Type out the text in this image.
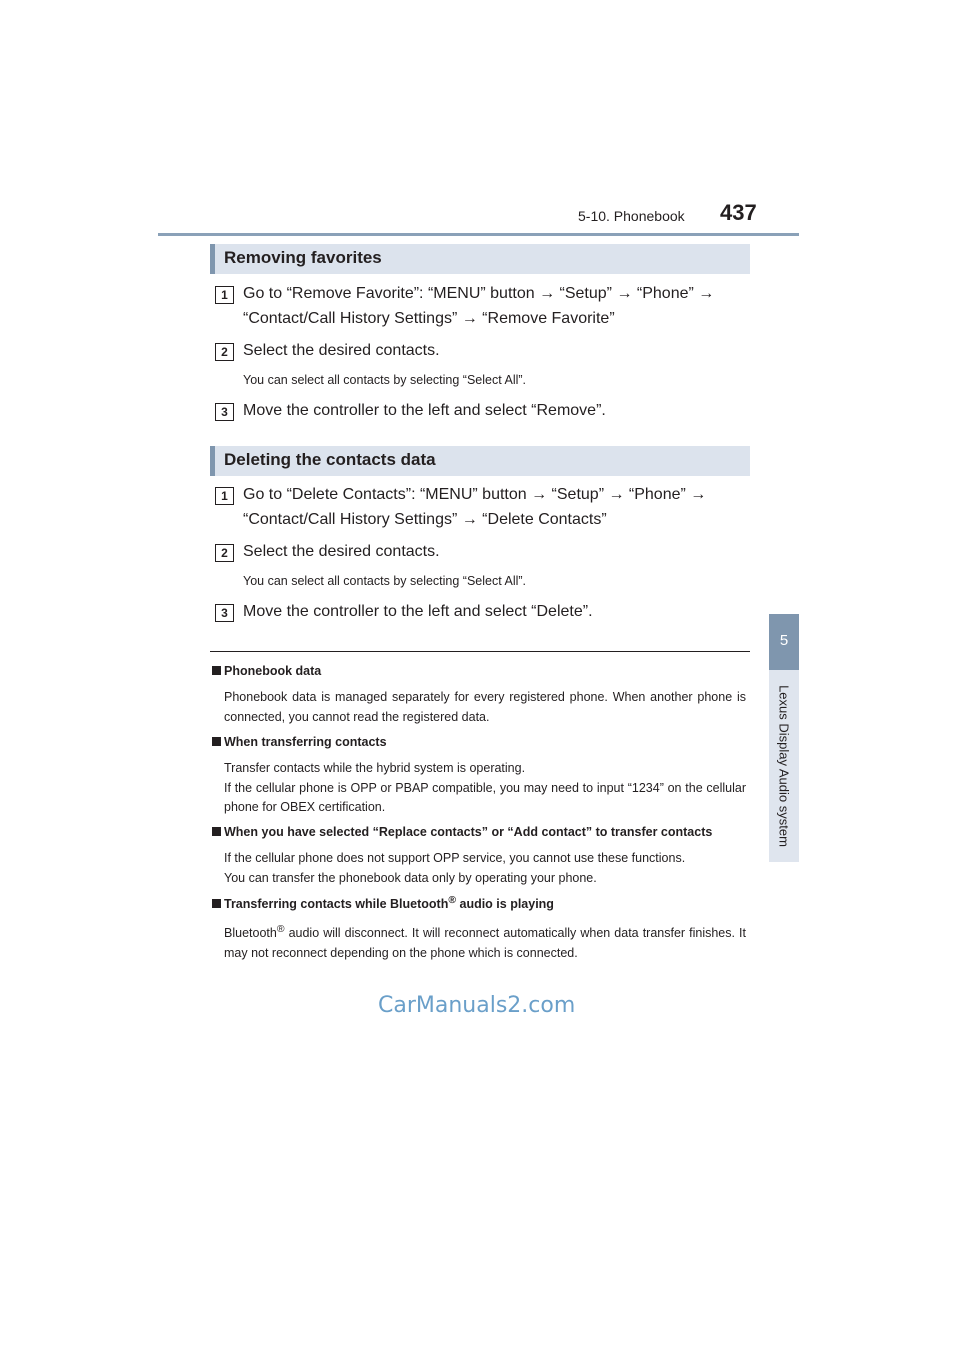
5-10. Phonebook 437
5
Lexus Display Audio system
Removing favorites
1 Go to “Remove Favorite”: “MENU” button → “Setup” → “Phone” →
“Contact/Call History Settings” → “Remove Favorite”
2 Select the desired contacts.
You can select all contacts by selecting “Select All”.
3 Move the controller to the left and select “Remove”.
Deleting the contacts data
1 Go to “Delete Contacts”: “MENU” button → “Setup” → “Phone” →
“Contact/Call History Settings” → “Delete Contacts”
2 Select the desired contacts.
You can select all contacts by selecting “Select All”.
3 Move the controller to the left and select “Delete”.
Phonebook data
Phonebook data is managed separately for every registered phone. When another phone is connected, you cannot read the registered data.
When transferring contacts
Transfer contacts while the hybrid system is operating.
If the cellular phone is OPP or PBAP compatible, you may need to input “1234” on the cellular phone for OBEX certification.
When you have selected “Replace contacts” or “Add contact” to transfer contacts
If the cellular phone does not support OPP service, you cannot use these functions.
You can transfer the phonebook data only by operating your phone.
Transferring contacts while Bluetooth® audio is playing
Bluetooth® audio will disconnect. It will reconnect automatically when data transfer finishes. It may not reconnect depending on the phone which is connected.
CarManuals2.com
